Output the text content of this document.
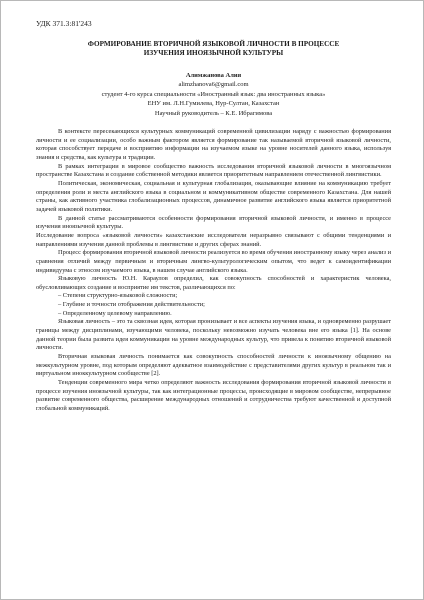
УДК 371.3:81'243
ФОРМИРОВАНИЕ ВТОРИЧНОЙ ЯЗЫКОВОЙ ЛИЧНОСТИ В ПРОЦЕССЕ
ИЗУЧЕНИЯ ИНОЯЗЫЧНОЙ КУЛЬТУРЫ
Алимжанова Алия
alimzhanova6@gmail.com
студент 4-го курса специальности «Иностранный язык: два иностранных языка»
ЕНУ им. Л.Н.Гумилева, Нур-Султан, Казахстан
Научный руководитель – К.Е. Ибрагимова

В контексте пересекающихся культурных коммуникаций современной цивилизации наряду с важностью формирования личности и ее социализации, особо важным фактором является формирование так называемой вторичной языковой личности, которая способствует передаче и восприятию информации на изучаемом языке на уровне носителей данного языка, используя знания и средства, как культура и традиции.

В рамках интеграции в мировое сообщество важность исследования вторичной языковой личности в многоязычном пространстве Казахстана и создание собственной методики является приоритетным направлением отечественной лингвистики.

Политическая, экономическая, социальная и культурная глобализация, оказывающие влияние на коммуникацию требует определения роли и места английского языка в социальном и коммуникативном обществе современного Казахстана. Для нашей страны, как активного участника глобализационных процессов, динамичное развитие английского языка является приоритетной задачей языковой политики.

В данной статье рассматриваются особенности формирования вторичной языковой личности, и именно в процессе изучения иноязычной культуры.

Исследование вопроса «языковой личности» казахстанские исследователи неразрывно связывают с общими тенденциями и направлениями изучения данной проблемы в лингвистике и других сферах знаний.

Процесс формирования вторичной языковой личности реализуется во время обучения иностранному языку через анализ и сравнения отличий между первичным и вторичным лингво-культурологическим опытом, что ведет к самоидентификации индивидуума с этносом изучаемого языка, в нашем случае английского языка.

Языковую личность Ю.Н. Караулов определил, как совокупность способностей и характеристик человека, обусловливающих создание и восприятие им текстов, различающихся по:

– Степени структурно-языковой сложности;
– Глубине и точности отображения действительности;
– Определенному целевому направлению.

Языковая личность – это та сквозная идея, которая пронизывает и все аспекты изучения языка, и одновременно разрушает границы между дисциплинами, изучающими человека, поскольку невозможно изучать человека вне его языка [1]. На основе данной теории была развита идея коммуникации на уровне международных культур, что привела к понятию вторичной языковой личности.

Вторичная языковая личность понимается как совокупность способностей личности к иноязычному общению на межкультурном уровне, под которым определяют адекватное взаимодействие с представителями других культур в реальном так и виртуальном иноккультурном сообществе [2].

Тенденции современного мира четко определяют важность исследования формирования вторичной языковой личности в процессе изучения иноязычной культуры, так как интеграционные процессы, происходящие в мировом сообществе, непрерывное развитие современного общества, расширение международных отношений и сотрудничества требуют качественной и доступной глобальной коммуникаций.
